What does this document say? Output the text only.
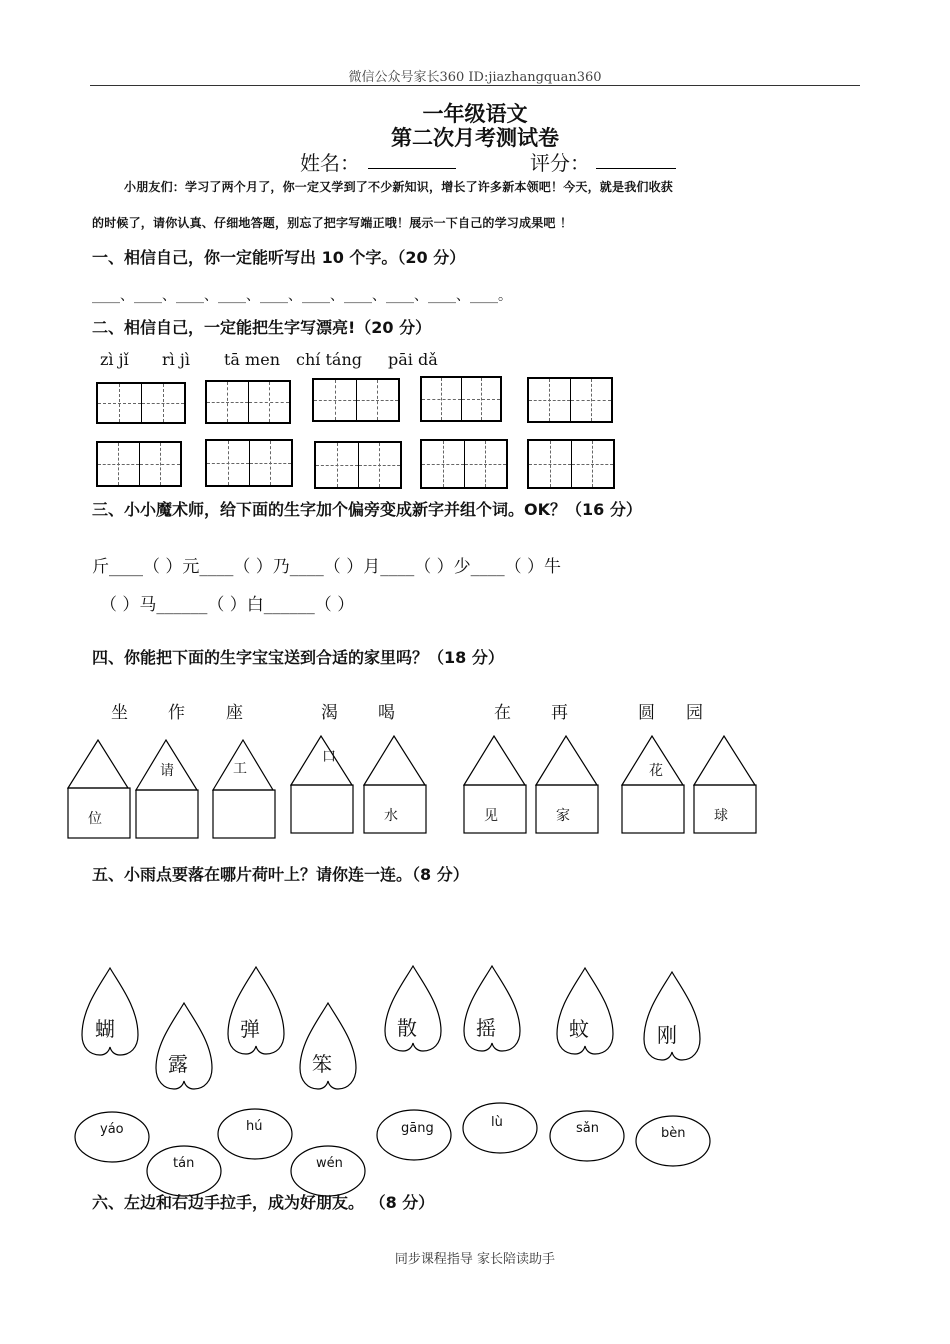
微信公众号家长360 ID:jiazhangquan360
一年级语文
第二次月考测试卷
姓名：	评分：
小朋友们：学习了两个月了，你一定又学到了不少新知识，增长了许多新本领吧！今天，就是我们收获
的时候了，请你认真、仔细地答题，别忘了把字写端正哦！展示一下自己的学习成果吧 ！
一、相信自己，你一定能听写出 10 个字。（20 分）
____、____、____、____、____、____、____、____、____、____。
二、相信自己，一定能把生字写漂亮!（20 分）
zì jǐ rì jì tā men chí táng pāi dǎ
三、小小魔术师，给下面的生字加个偏旁变成新字并组个词。OK？（16 分）
斤____（ ）元____（ ）乃____（ ）月____（ ）少____（ ）牛
（ ）马______（ ）白______（ ）
四、你能把下面的生字宝宝送到合适的家里吗？（18 分）
坐 作 座	渴 喝	在 再	圆 园
位
请	工
口
水	见	家
花
球
五、小雨点要落在哪片荷叶上？请你连一连。（8 分）
蝴
露
弹
笨
散	摇	蚊	刚
yáo
tán
hú
wén
gāng	lù	sǎn	bèn
六、左边和右边手拉手，成为好朋友。 （8 分）
同步课程指导 家长陪读助手
